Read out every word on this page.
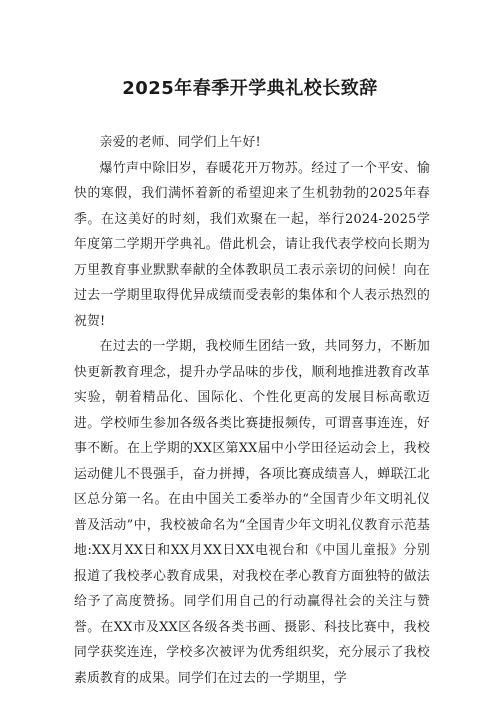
2025年春季开学典礼校长致辞

亲爱的老师、同学们上午好!

爆竹声中除旧岁，春暖花开万物苏。经过了一个平安、愉快的寒假，我们满怀着新的希望迎来了生机勃勃的2025年春季。在这美好的时刻，我们欢聚在一起，举行2024-2025学年度第二学期开学典礼。借此机会，请让我代表学校向长期为万里教育事业默默奉献的全体教职员工表示亲切的问候！向在过去一学期里取得优异成绩而受表彰的集体和个人表示热烈的祝贺!

在过去的一学期，我校师生团结一致，共同努力，不断加快更新教育理念，提升办学品味的步伐，顺利地推进教育改革实验，朝着精品化、国际化、个性化更高的发展目标高歌迈进。学校师生参加各级各类比赛捷报频传，可谓喜事连连，好事不断。在上学期的XX区第XX届中小学田径运动会上，我校运动健儿不畏强手，奋力拼搏，各项比赛成绩喜人，蝉联江北区总分第一名。在由中国关工委举办的“全国青少年文明礼仪普及活动”中，我校被命名为“全国青少年文明礼仪教育示范基地:XX月XX日和XX月XX日XX电视台和《中国儿童报》分别报道了我校孝心教育成果，对我校在孝心教育方面独特的做法给予了高度赞扬。同学们用自己的行动赢得社会的关注与赞誉。在XX市及XX区各级各类书画、摄影、科技比赛中，我校同学获奖连连，学校多次被评为优秀组织奖，充分展示了我校素质教育的成果。同学们在过去的一学期里，学
